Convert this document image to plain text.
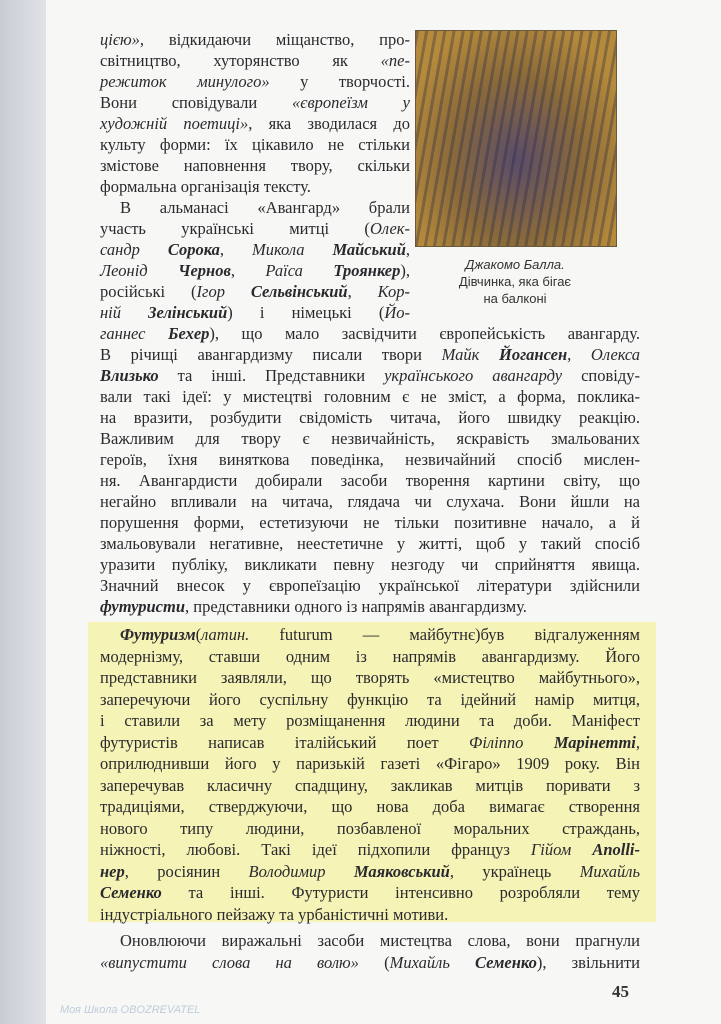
Джакомо Балла.
Дівчинка, яка бігає
на балконі
цією», відкидаючи міщанство, про-
світництво, хуторянство як «пе-
режиток минулого» у творчості.
Вони сповідували «європеїзм у
художній поетиці», яка зводилася до
культу форми: їх цікавило не стільки
змістове наповнення твору, скільки
формальна організація тексту.
В альманасі «Авангард» брали
участь українські митці (Олек-
сандр Сорока, Микола Майський,
Леонід Чернов, Раїса Троянкер),
російські (Ігор Сельвінський, Кор-
ній Зелінський) і німецькі (Йо-
ганнес Бехер), що мало засвідчити європейськість авангарду.
В річищі авангардизму писали твори Майк Йогансен, Олекса
Влизько та інші. Представники українського авангарду сповіду-
вали такі ідеї: у мистецтві головним є не зміст, а форма, поклика-
на вразити, розбудити свідомість читача, його швидку реакцію.
Важливим для твору є незвичайність, яскравість змальованих
героїв, їхня виняткова поведінка, незвичайний спосіб мислен-
ня. Авангардисти добирали засоби творення картини світу, що
негайно впливали на читача, глядача чи слухача. Вони йшли на
порушення форми, естетизуючи не тільки позитивне начало, а й
змальовували негативне, неестетичне у житті, щоб у такий спосіб
уразити публіку, викликати певну незгоду чи сприйняття явища.
Значний внесок у європеїзацію української літератури здійснили
футуристи, представники одного із напрямів авангардизму.
Футуризм(латин. futurum — майбутнє)був відгалуженням
модернізму, ставши одним із напрямів авангардизму. Його
представники заявляли, що творять «мистецтво майбутнього»,
заперечуючи його суспільну функцію та ідейний намір митця,
і ставили за мету розміщанення людини та доби. Маніфест
футуристів написав італійський поет Філіппо Марінетті,
оприлюднивши його у паризькій газеті «Фігаро» 1909 року. Він
заперечував класичну спадщину, закликав митців поривати з
традиціями, стверджуючи, що нова доба вимагає створення
нового типу людини, позбавленої моральних страждань,
ніжності, любові. Такі ідеї підхопили француз Гійом Апollі-
нер, росіянин Володимир Маяковський, українець Михайль
Семенко та інші. Футуристи інтенсивно розробляли тему
індустріального пейзажу та урбаністичні мотиви.
Оновлюючи виражальні засоби мистецтва слова, вони прагнули
«випустити слова на волю» (Михайль Семенко), звільнити
45
Моя Школа OBOZREVATEL
